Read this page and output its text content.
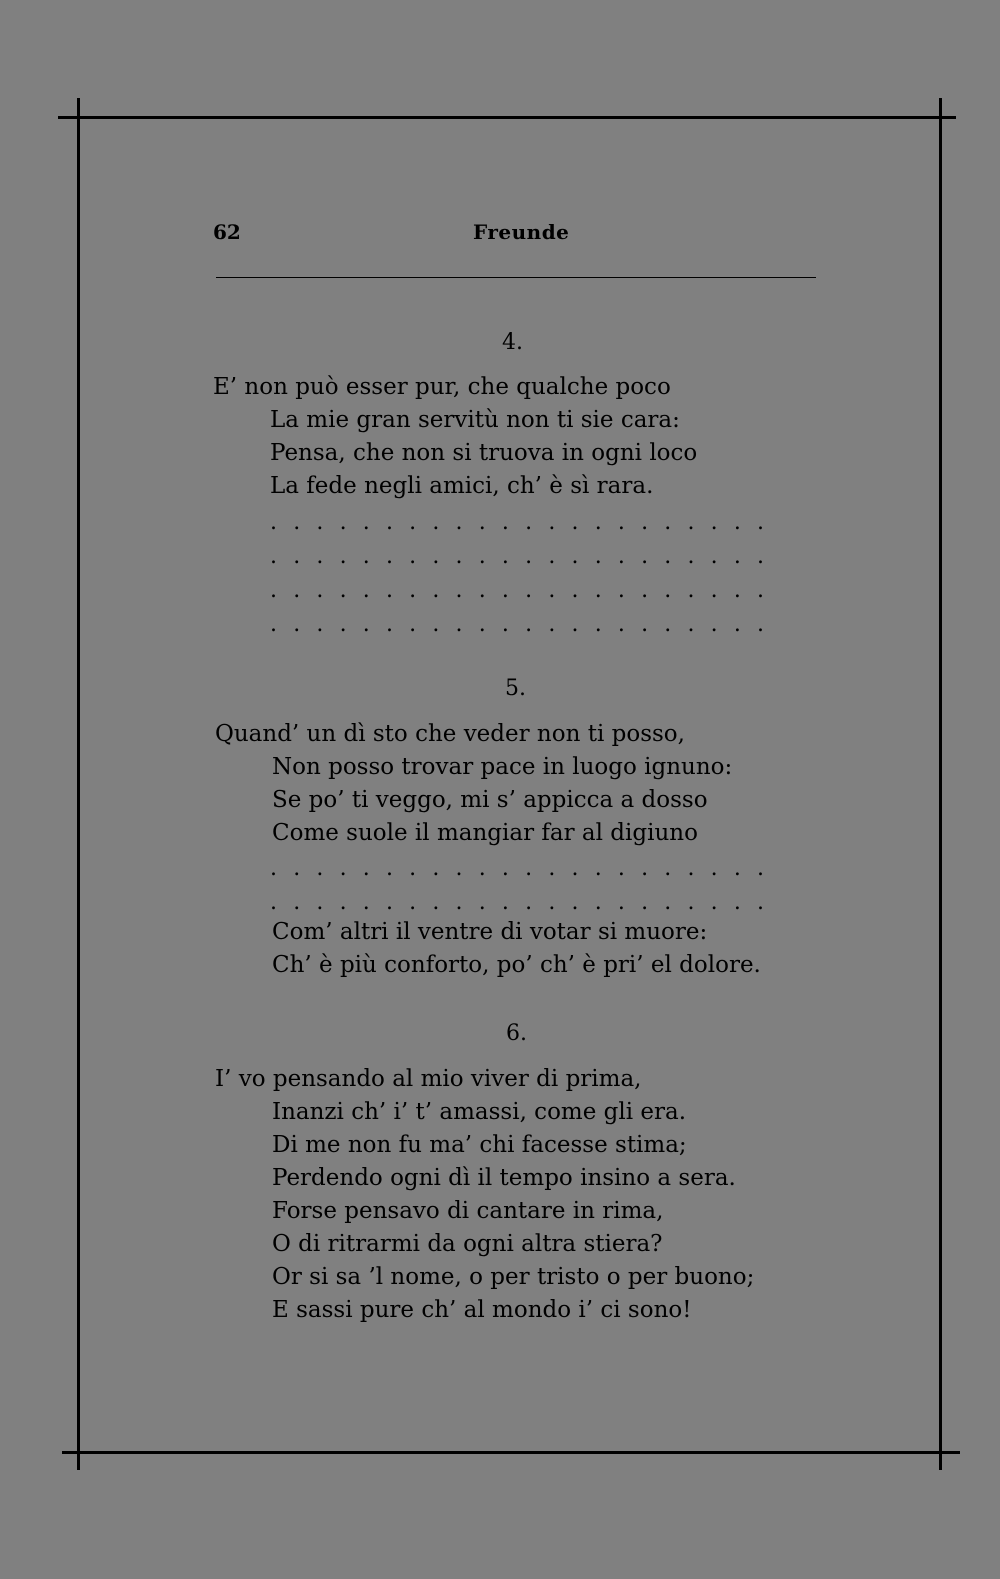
62	Freunde
4.
E’ non può esser pur, che qualche poco
La mie gran servitù non ti sie cara:
Pensa, che non si truova in ogni loco
La fede negli amici, ch’ è sì rara.
......................
......................
......................
......................
5.
Quand’ un dì sto che veder non ti posso,
Non posso trovar pace in luogo ignuno:
Se po’ ti veggo, mi s’ appicca a dosso
Come suole il mangiar far al digiuno
......................
......................
Com’ altri il ventre di votar si muore:
Ch’ è più conforto, po’ ch’ è pri’ el dolore.
6.
I’ vo pensando al mio viver di prima,
Inanzi ch’ i’ t’ amassi, come gli era.
Di me non fu ma’ chi facesse stima;
Perdendo ogni dì il tempo insino a sera.
Forse pensavo di cantare in rima,
O di ritrarmi da ogni altra stiera?
Or si sa ’l nome, o per tristo o per buono;
E sassi pure ch’ al mondo i’ ci sono!
